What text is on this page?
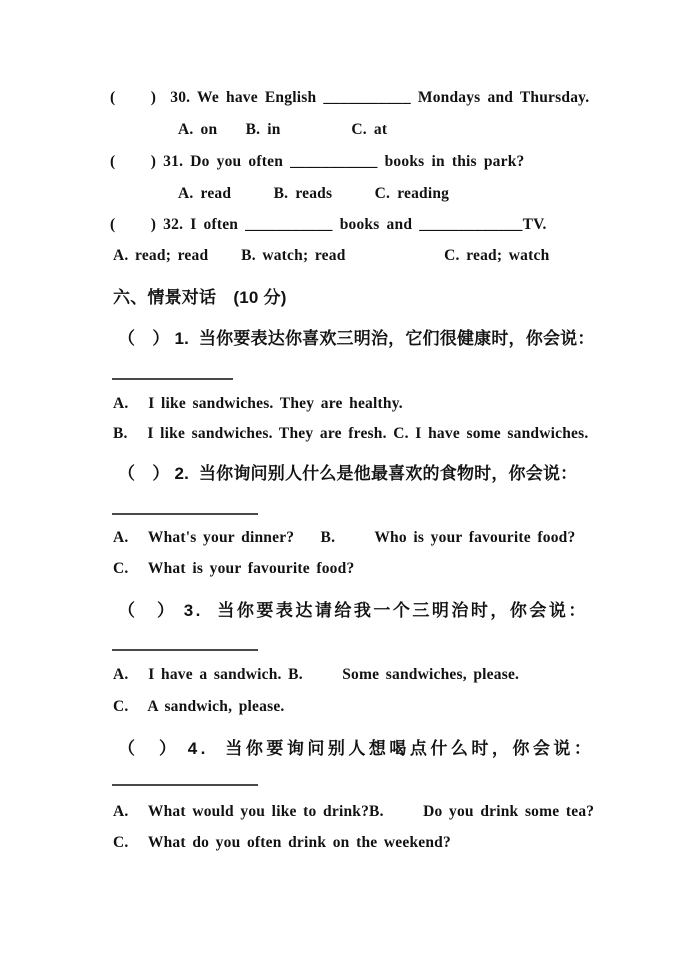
(     )  30. We have English ___________ Mondays and Thursday.
A. on    B. in          C. at
(     ) 31. Do you often ___________ books in this park?
A. read      B. reads      C. reading
(     ) 32. I often ___________ books and _____________TV.
A. read; read     B. watch; read               C. read; watch
六、情景对话　(10 分)
（　） 1.  当你要表达你喜欢三明治，它们很健康时，你会说：
A.   I like sandwiches. They are healthy.
B.   I like sandwiches. They are fresh. C. I have some sandwiches.
（　） 2.  当你询问别人什么是他最喜欢的食物时，你会说：
A.   What's your dinner?    B.      Who is your favourite food?
C.   What is your favourite food?
（　） 3.  当你要表达请给我一个三明治时，你会说：
A.   I have a sandwich. B.      Some sandwiches, please.
C.   A sandwich, please.
（　） 4.  当你要询问别人想喝点什么时，你会说：
A.   What would you like to drink?B.      Do you drink some tea?
C.   What do you often drink on the weekend?
